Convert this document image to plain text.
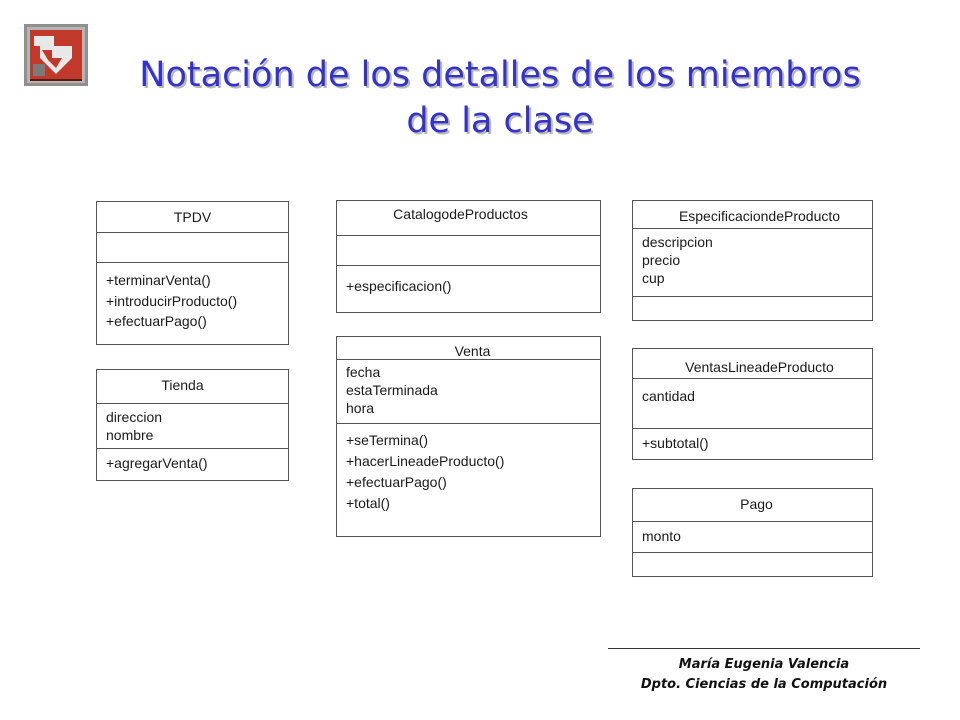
Notación de los detalles de los miembros
de la clase
TPDV
+terminarVenta()
+introducirProducto()
+efectuarPago()
Tienda
direccion
nombre
+agregarVenta()
CatalogodeProductos
+especificacion()
Venta
fecha
estaTerminada
hora
+seTermina()
+hacerLineadeProducto()
+efectuarPago()
+total()
EspecificaciondeProducto
descripcion
precio
cup
VentasLineadeProducto
cantidad
+subtotal()
Pago
monto
María Eugenia Valencia
Dpto. Ciencias de la Computación
